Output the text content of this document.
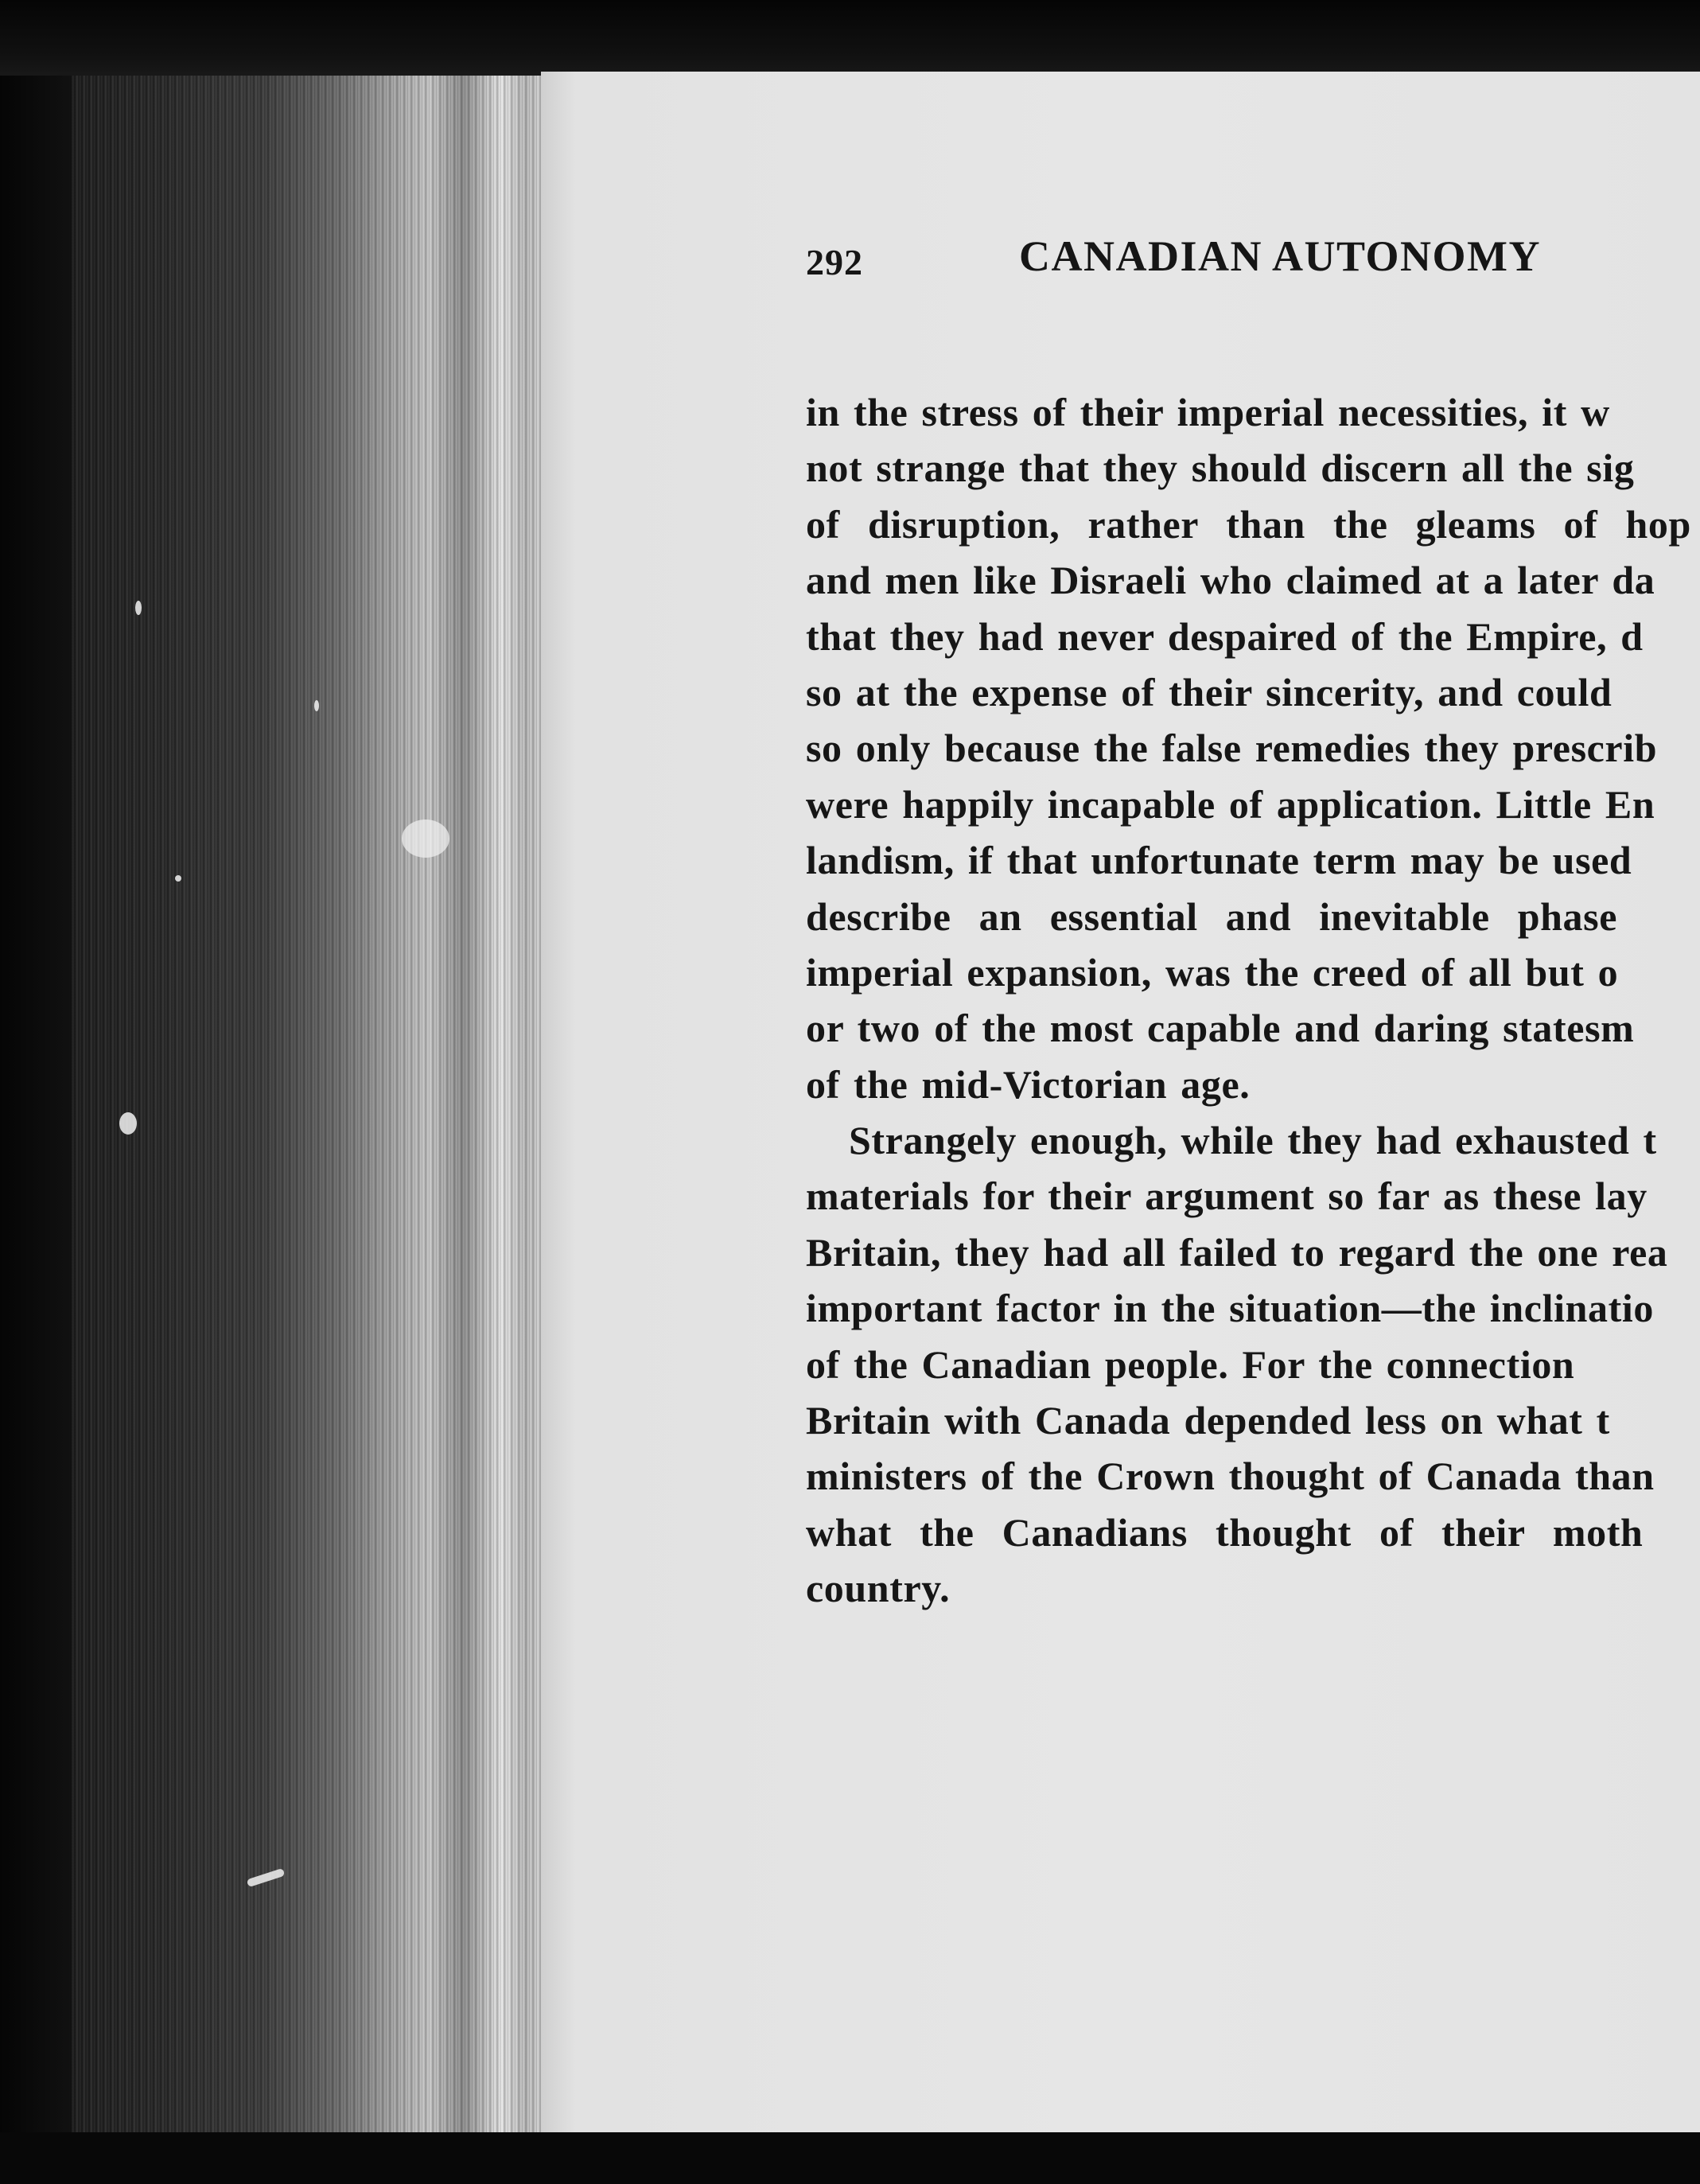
292	CANADIAN AUTONOMY
in the stress of their imperial necessities, it w
not strange that they should discern all the sig
of disruption, rather than the gleams of hop
and men like Disraeli who claimed at a later da
that they had never despaired of the Empire, d
so at the expense of their sincerity, and could
so only because the false remedies they prescrib
were happily incapable of application. Little En
landism, if that unfortunate term may be used
describe an essential and inevitable phase
imperial expansion, was the creed of all but o
or two of the most capable and daring statesm
of the mid-Victorian age.
Strangely enough, while they had exhausted t
materials for their argument so far as these lay
Britain, they had all failed to regard the one rea
important factor in the situation—the inclinatio
of the Canadian people. For the connection
Britain with Canada depended less on what t
ministers of the Crown thought of Canada than
what the Canadians thought of their moth
country.
